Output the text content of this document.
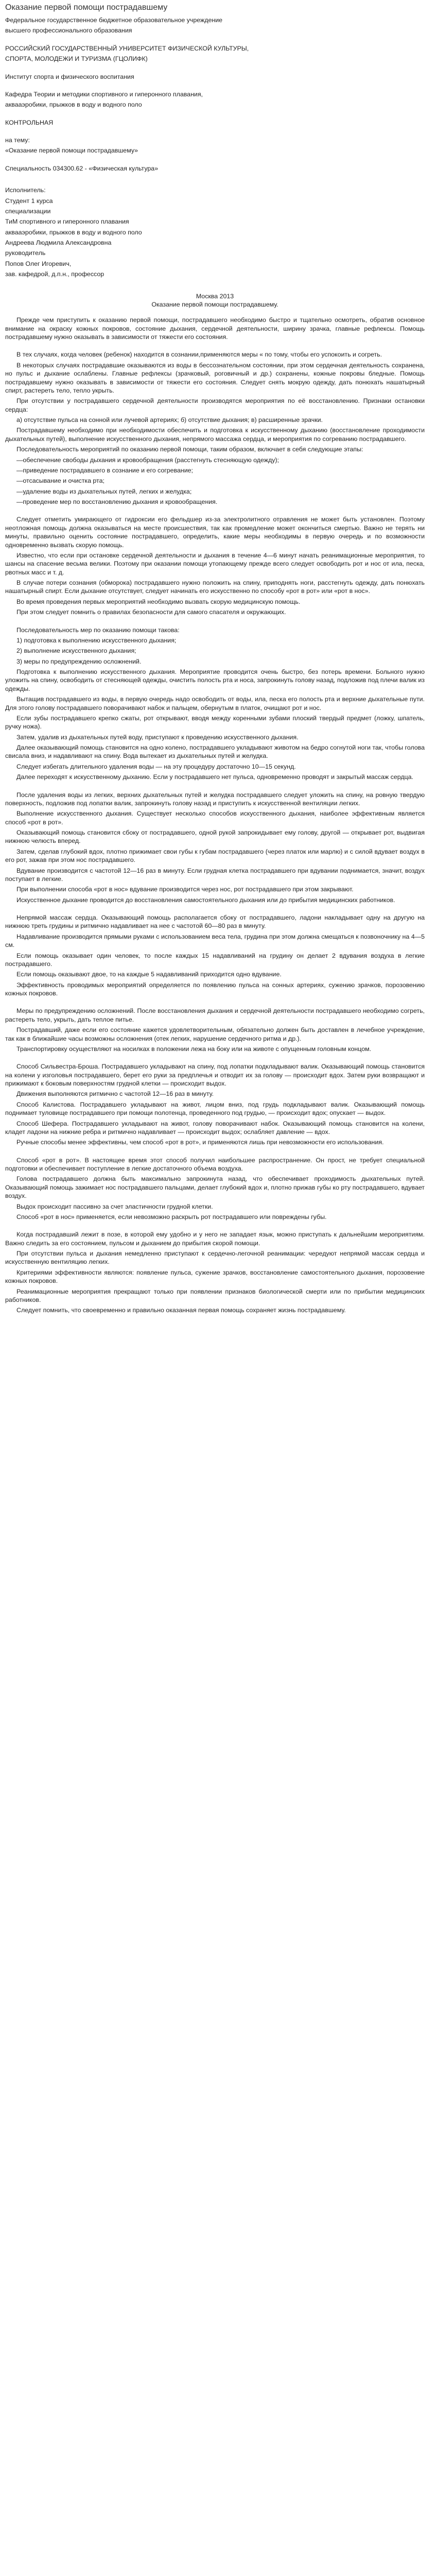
Оказание первой помощи пострадавшему

Федеральное государственное бюджетное образовательное учреждение

высшего профессионального образования

РОССИЙСКИЙ ГОСУДАРСТВЕННЫЙ УНИВЕРСИТЕТ ФИЗИЧЕСКОЙ КУЛЬТУРЫ,

СПОРТА, МОЛОДЕЖИ И ТУРИЗМА (ГЦОЛИФК)

Институт спорта и физического воспитания

Кафедра Теории и методики спортивного и гиперонного плавания,

аквааэробики, прыжков в воду и водного поло

КОНТРОЛЬНАЯ

на тему:

«Оказание первой помощи пострадавшему»

Специальность 034300.62 - «Физическая культура»

Исполнитель:

Студент 1 курса

специализации

ТиМ спортивного и гиперонного плавания

аквааэробики, прыжков в воду и водного поло

Андреева Людмила Александровна

руководитель

Попов Олег Игоревич,

зав. кафедрой, д.п.н., профессор

Москва 2013
Оказание первой помощи пострадавшему.

Прежде чем приступить к оказанию первой помощи, пострадавшего необходимо быстро и тщательно осмотреть, обратив основное внимание на окраску кожных покровов, состояние дыхания, сердечной деятельности, ширину зрачка, главные рефлексы. Помощь пострадавшему нужно оказывать в зависимости от тяжести его состояния.

В тех случаях, когда человек (ребенок) находится в сознании,применяются меры « по тому, чтобы его успокоить и согреть.

В некоторых случаях пострадавшие оказываются из воды в бессознательном состоянии, при этом сердечная деятельность сохранена, но пульс и дыхание ослаблены. Главные рефлексы (зрачковый, роговичный и др.) сохранены, кожные покровы бледные. Помощь пострадавшему нужно оказывать в зависимости от тяжести его состояния. Следует снять мокрую одежду, дать понюхать нашатырный спирт, растереть тело, тепло укрыть.

При отсутствии у пострадавшего сердечной деятельности производятся мероприятия по её восстановлению. Признаки остановки сердца:

а) отсутствие пульса на сонной или лучевой артериях; б) отсутствие дыхания; в) расширенные зрачки.

Пострадавшему необходимо при необходимости обеспечить и подготовка к искусственному дыханию (восстановление проходимости дыхательных путей), выполнение искусственного дыхания, непрямого массажа сердца, и мероприятия по согреванию пострадавшего.

Последовательность мероприятий по оказанию первой помощи, таким образом, включает в себя следующие этапы:

—обеспечение свободы дыхания и кровообращения (расстегнуть стесняющую одежду);

—приведение пострадавшего в сознание и его согревание;

—отсасывание и очистка рта;

—удаление воды из дыхательных путей, легких и желудка;

—проведение мер по восстановлению дыхания и кровообращения.

Следует отметить умирающего от гидроксии его фельдшер из-за электролитного отравления не может быть установлен. Поэтому неотложная помощь должна оказываться на месте происшествия, так как промедление может окончиться смертью. Важно не терять ни минуты, правильно оценить состояние пострадавшего, определить, какие меры необходимы в первую очередь и по возможности одновременно вызвать скорую помощь.

Известно, что если при остановке сердечной деятельности и дыхания в течение 4—6 минут начать реанимационные мероприятия, то шансы на спасение весьма велики. Поэтому при оказании помощи утопающему прежде всего следует освободить рот и нос от ила, песка, рвотных масс и т. д.

В случае потери сознания (обморока) пострадавшего нужно положить на спину, приподнять ноги, расстегнуть одежду, дать понюхать нашатырный спирт. Если дыхание отсутствует, следует начинать его искусственно по способу «рот в рот» или «рот в нос».

Во время проведения первых мероприятий необходимо вызвать скорую медицинскую помощь.

При этом следует помнить о правилах безопасности для самого спасателя и окружающих.

Последовательность мер по оказанию помощи такова:

1) подготовка к выполнению искусственного дыхания;

2) выполнение искусственного дыхания;

3) меры по предупреждению осложнений.

Подготовка к выполнению искусственного дыхания. Мероприятие проводится очень быстро, без потерь времени. Больного нужно уложить на спину, освободить от стесняющей одежды, очистить полость рта и носа, запрокинуть голову назад, подложив под плечи валик из одежды.

Вытащив пострадавшего из воды, в первую очередь надо освободить от воды, ила, песка его полость рта и верхние дыхательные пути. Для этого голову пострадавшего поворачивают набок и пальцем, обернутым в платок, очищают рот и нос.

Если зубы пострадавшего крепко сжаты, рот открывают, вводя между коренными зубами плоский твердый предмет (ложку, шпатель, ручку ножа).

Затем, удалив из дыхательных путей воду, приступают к проведению искусственного дыхания.

Далее оказывающий помощь становится на одно колено, пострадавшего укладывают животом на бедро согнутой ноги так, чтобы голова свисала вниз, и надавливают на спину. Вода вытекает из дыхательных путей и желудка.

Следует избегать длительного удаления воды — на эту процедуру достаточно 10—15 секунд.

Далее переходят к искусственному дыханию. Если у пострадавшего нет пульса, одновременно проводят и закрытый массаж сердца.

После удаления воды из легких, верхних дыхательных путей и желудка пострадавшего следует уложить на спину, на ровную твердую поверхность, подложив под лопатки валик, запрокинуть голову назад и приступить к искусственной вентиляции легких.

Выполнение искусственного дыхания. Существует несколько способов искусственного дыхания, наиболее эффективным является способ «рот в рот».

Оказывающий помощь становится сбоку от пострадавшего, одной рукой запрокидывает ему голову, другой — открывает рот, выдвигая нижнюю челюсть вперед.

Затем, сделав глубокий вдох, плотно прижимает свои губы к губам пострадавшего (через платок или марлю) и с силой вдувает воздух в его рот, зажав при этом нос пострадавшего.

Вдувание производится с частотой 12—16 раз в минуту. Если грудная клетка пострадавшего при вдувании поднимается, значит, воздух поступает в легкие.

При выполнении способа «рот в нос» вдувание производится через нос, рот пострадавшего при этом закрывают.

Искусственное дыхание проводится до восстановления самостоятельного дыхания или до прибытия медицинских работников.

Непрямой массаж сердца. Оказывающий помощь располагается сбоку от пострадавшего, ладони накладывает одну на другую на нижнюю треть грудины и ритмично надавливает на нее с частотой 60—80 раз в минуту.

Надавливание производится прямыми руками с использованием веса тела, грудина при этом должна смещаться к позвоночнику на 4—5 см.

Если помощь оказывает один человек, то после каждых 15 надавливаний на грудину он делает 2 вдувания воздуха в легкие пострадавшего.

Если помощь оказывают двое, то на каждые 5 надавливаний приходится одно вдувание.

Эффективность проводимых мероприятий определяется по появлению пульса на сонных артериях, сужению зрачков, порозовению кожных покровов.

Меры по предупреждению осложнений. После восстановления дыхания и сердечной деятельности пострадавшего необходимо согреть, растереть тело, укрыть, дать теплое питье.

Пострадавший, даже если его состояние кажется удовлетворительным, обязательно должен быть доставлен в лечебное учреждение, так как в ближайшие часы возможны осложнения (отек легких, нарушение сердечного ритма и др.).

Транспортировку осуществляют на носилках в положении лежа на боку или на животе с опущенным головным концом.

Способ Сильвестра-Броша. Пострадавшего укладывают на спину, под лопатки подкладывают валик. Оказывающий помощь становится на колени у изголовья пострадавшего, берет его руки за предплечья и отводит их за голову — происходит вдох. Затем руки возвращают и прижимают к боковым поверхностям грудной клетки — происходит выдох.

Движения выполняются ритмично с частотой 12—16 раз в минуту.

Способ Калистова. Пострадавшего укладывают на живот, лицом вниз, под грудь подкладывают валик. Оказывающий помощь поднимает туловище пострадавшего при помощи полотенца, проведенного под грудью, — происходит вдох; опускает — выдох.

Способ Шефера. Пострадавшего укладывают на живот, голову поворачивают набок. Оказывающий помощь становится на колени, кладет ладони на нижние ребра и ритмично надавливает — происходит выдох; ослабляет давление — вдох.

Ручные способы менее эффективны, чем способ «рот в рот», и применяются лишь при невозможности его использования.

Способ «рот в рот». В настоящее время этот способ получил наибольшее распространение. Он прост, не требует специальной подготовки и обеспечивает поступление в легкие достаточного объема воздуха.

Голова пострадавшего должна быть максимально запрокинута назад, что обеспечивает проходимость дыхательных путей. Оказывающий помощь зажимает нос пострадавшего пальцами, делает глубокий вдох и, плотно прижав губы ко рту пострадавшего, вдувает воздух.

Выдох происходит пассивно за счет эластичности грудной клетки.

Способ «рот в нос» применяется, если невозможно раскрыть рот пострадавшего или повреждены губы.

Когда пострадавший лежит в позе, в которой ему удобно и у него не западает язык, можно приступать к дальнейшим мероприятиям. Важно следить за его состоянием, пульсом и дыханием до прибытия скорой помощи.

При отсутствии пульса и дыхания немедленно приступают к сердечно-легочной реанимации: чередуют непрямой массаж сердца и искусственную вентиляцию легких.

Критериями эффективности являются: появление пульса, сужение зрачков, восстановление самостоятельного дыхания, порозовение кожных покровов.

Реанимационные мероприятия прекращают только при появлении признаков биологической смерти или по прибытии медицинских работников.

Следует помнить, что своевременно и правильно оказанная первая помощь сохраняет жизнь пострадавшему.
